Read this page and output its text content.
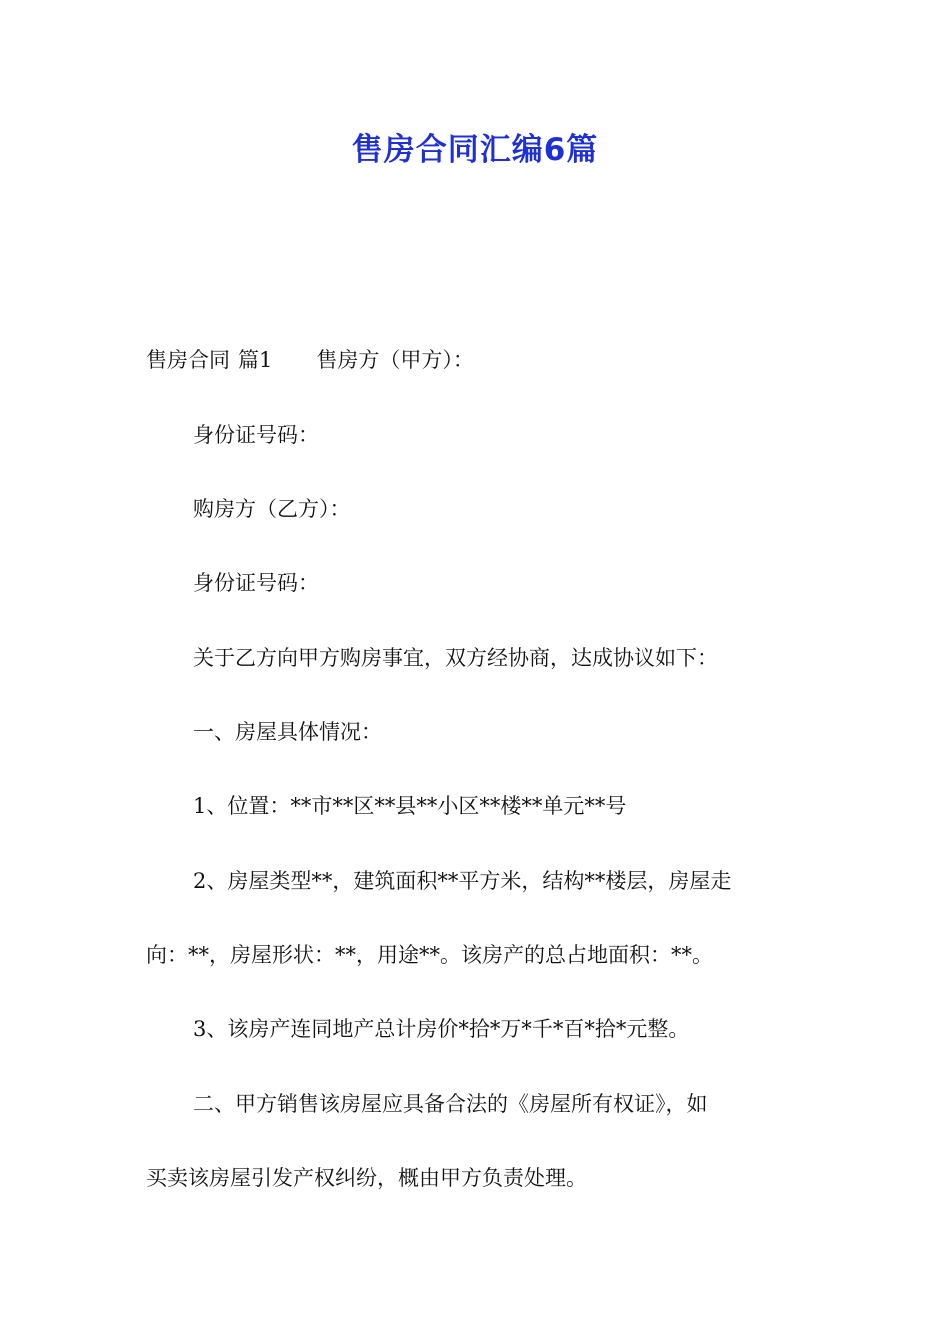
售房合同汇编6篇
售房合同 篇1 售房方（甲方）：
身份证号码：
购房方（乙方）：
身份证号码：
关于乙方向甲方购房事宜，双方经协商，达成协议如下：
一、房屋具体情况：
1、位置：**市**区**县**小区**楼**单元**号
2、房屋类型**，建筑面积**平方米，结构**楼层，房屋走
向：**，房屋形状：**，用途**。该房产的总占地面积：**。
3、该房产连同地产总计房价*拾*万*千*百*拾*元整。
二、甲方销售该房屋应具备合法的《房屋所有权证》，如
买卖该房屋引发产权纠纷，概由甲方负责处理。
